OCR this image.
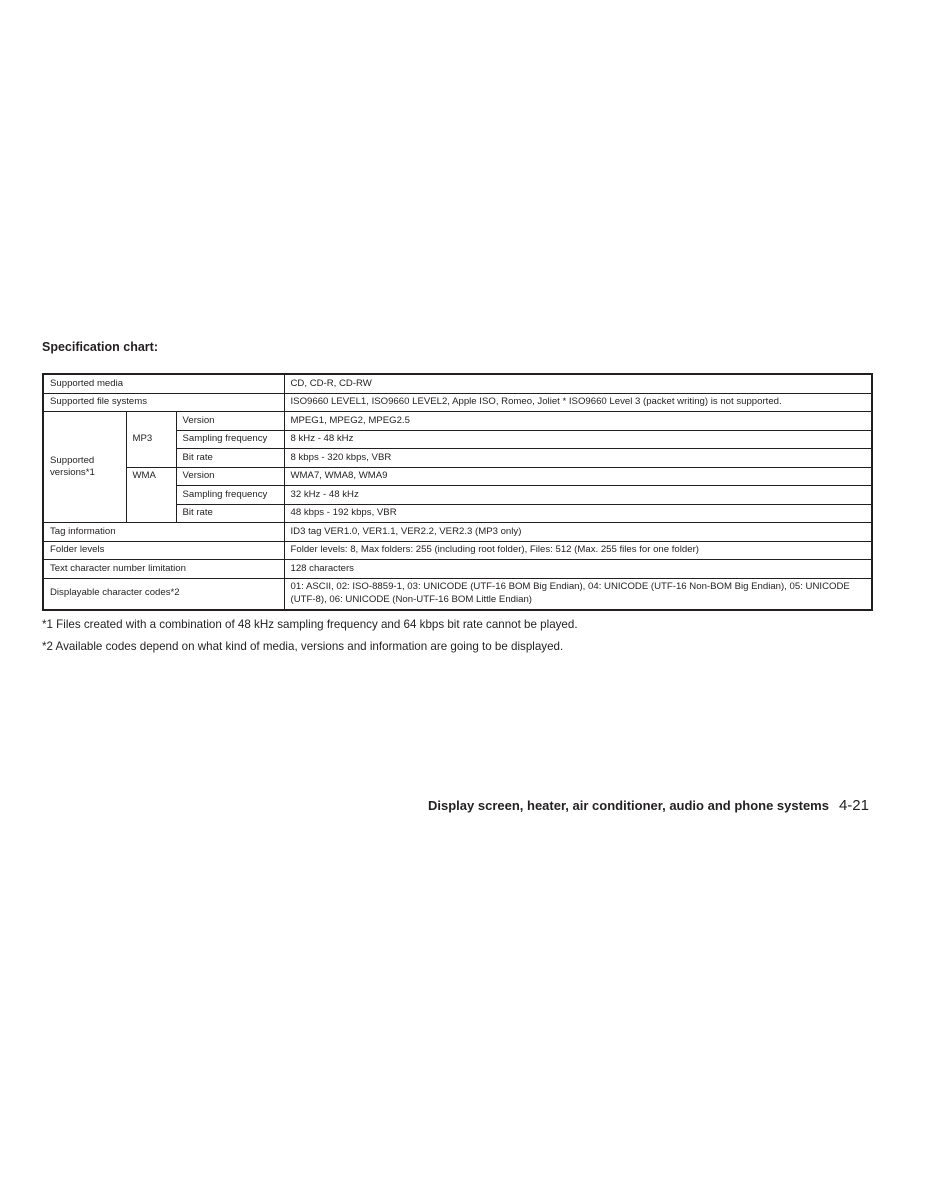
Specification chart:
Supported media			CD, CD-R, CD-RW
Supported file systems			ISO9660 LEVEL1, ISO9660 LEVEL2, Apple ISO, Romeo, Joliet * ISO9660 Level 3 (packet writing) is not supported.
Supported
versions*1	MP3	Version	MPEG1, MPEG2, MPEG2.5
		Sampling frequency	8 kHz - 48 kHz
		Bit rate	8 kbps - 320 kbps, VBR
	WMA	Version	WMA7, WMA8, WMA9
		Sampling frequency	32 kHz - 48 kHz
		Bit rate	48 kbps - 192 kbps, VBR
Tag information			ID3 tag VER1.0, VER1.1, VER2.2, VER2.3 (MP3 only)
Folder levels			Folder levels: 8, Max folders: 255 (including root folder), Files: 512 (Max. 255 files for one folder)
Text character number limitation			128 characters
Displayable character codes*2			01: ASCII, 02: ISO-8859-1, 03: UNICODE (UTF-16 BOM Big Endian), 04: UNICODE (UTF-16 Non-BOM Big Endian), 05: UNICODE (UTF-8), 06: UNICODE (Non-UTF-16 BOM Little Endian)
*1 Files created with a combination of 48 kHz sampling frequency and 64 kbps bit rate cannot be played.
*2 Available codes depend on what kind of media, versions and information are going to be displayed.
Display screen, heater, air conditioner, audio and phone systems 4-21
